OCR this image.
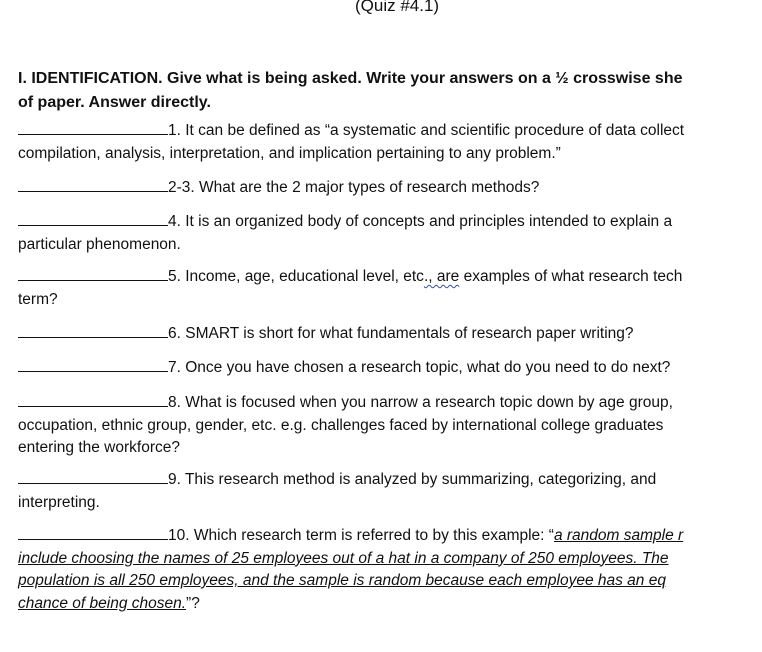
(Quiz #4.1)
I. IDENTIFICATION. Give what is being asked. Write your answers on a ½ crosswise she
of paper. Answer directly.
1. It can be defined as “a systematic and scientific procedure of data collect
compilation, analysis, interpretation, and implication pertaining to any problem.”
2-3. What are the 2 major types of research methods?
4. It is an organized body of concepts and principles intended to explain a
particular phenomenon.
5. Income, age, educational level, etc., are examples of what research tech
term?
6. SMART is short for what fundamentals of research paper writing?
7. Once you have chosen a research topic, what do you need to do next?
8. What is focused when you narrow a research topic down by age group,
occupation, ethnic group, gender, etc. e.g. challenges faced by international college graduates
entering the workforce?
9. This research method is analyzed by summarizing, categorizing, and
interpreting.
10. Which research term is referred to by this example: “a random sample r
include choosing the names of 25 employees out of a hat in a company of 250 employees. The
population is all 250 employees, and the sample is random because each employee has an eq
chance of being chosen.”?
